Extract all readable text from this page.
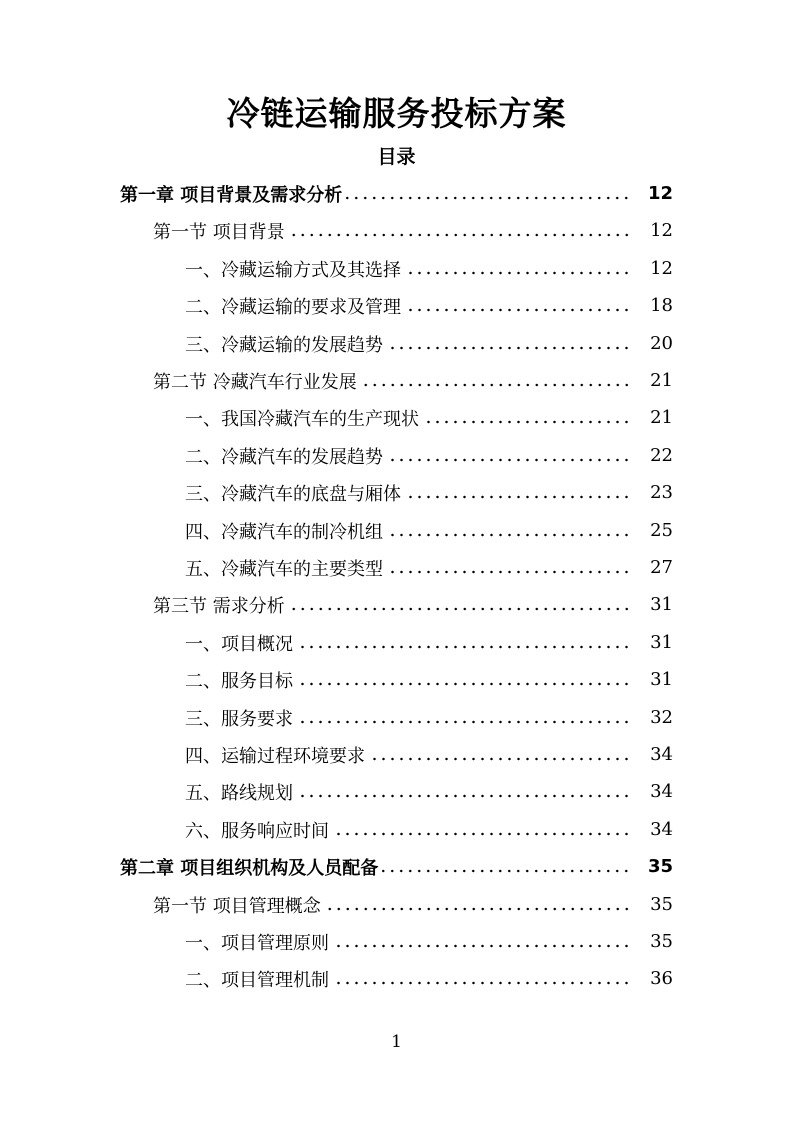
冷链运输服务投标方案
目录
第一章 项目背景及需求分析	12
第一节 项目背景	12
一、冷藏运输方式及其选择	12
二、冷藏运输的要求及管理	18
三、冷藏运输的发展趋势	20
第二节 冷藏汽车行业发展	21
一、我国冷藏汽车的生产现状	21
二、冷藏汽车的发展趋势	22
三、冷藏汽车的底盘与厢体	23
四、冷藏汽车的制冷机组	25
五、冷藏汽车的主要类型	27
第三节 需求分析	31
一、项目概况	31
二、服务目标	31
三、服务要求	32
四、运输过程环境要求	34
五、路线规划	34
六、服务响应时间	34
第二章 项目组织机构及人员配备	35
第一节 项目管理概念	35
一、项目管理原则	35
二、项目管理机制	36
1
